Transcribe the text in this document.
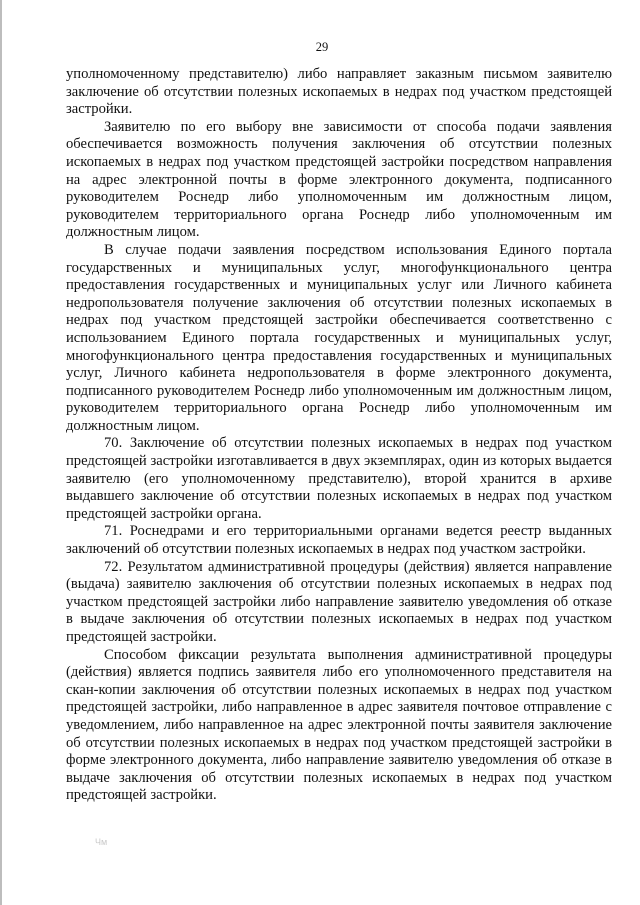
29

уполномоченному представителю) либо направляет заказным письмом заявителю заключение об отсутствии полезных ископаемых в недрах под участком предстоящей застройки.

Заявителю по его выбору вне зависимости от способа подачи заявления обеспечивается возможность получения заключения об отсутствии полезных ископаемых в недрах под участком предстоящей застройки посредством направления на адрес электронной почты в форме электронного документа, подписанного руководителем Роснедр либо уполномоченным им должностным лицом, руководителем территориального органа Роснедр либо уполномоченным им должностным лицом.

В случае подачи заявления посредством использования Единого портала государственных и муниципальных услуг, многофункционального центра предоставления государственных и муниципальных услуг или Личного кабинета недропользователя получение заключения об отсутствии полезных ископаемых в недрах под участком предстоящей застройки обеспечивается соответственно с использованием Единого портала государственных и муниципальных услуг, многофункционального центра предоставления государственных и муниципальных услуг, Личного кабинета недропользователя в форме электронного документа, подписанного руководителем Роснедр либо уполномоченным им должностным лицом, руководителем территориального органа Роснедр либо уполномоченным им должностным лицом.

70. Заключение об отсутствии полезных ископаемых в недрах под участком предстоящей застройки изготавливается в двух экземплярах, один из которых выдается заявителю (его уполномоченному представителю), второй хранится в архиве выдавшего заключение об отсутствии полезных ископаемых в недрах под участком предстоящей застройки органа.

71. Роснедрами и его территориальными органами ведется реестр выданных заключений об отсутствии полезных ископаемых в недрах под участком застройки.

72. Результатом административной процедуры (действия) является направление (выдача) заявителю заключения об отсутствии полезных ископаемых в недрах под участком предстоящей застройки либо направление заявителю уведомления об отказе в выдаче заключения об отсутствии полезных ископаемых в недрах под участком предстоящей застройки.

Способом фиксации результата выполнения административной процедуры (действия) является подпись заявителя либо его уполномоченного представителя на скан-копии заключения об отсутствии полезных ископаемых в недрах под участком предстоящей застройки, либо направленное в адрес заявителя почтовое отправление с уведомлением, либо направленное на адрес электронной почты заявителя заключение об отсутствии полезных ископаемых в недрах под участком предстоящей застройки в форме электронного документа, либо направление заявителю уведомления об отказе в выдаче заключения об отсутствии полезных ископаемых в недрах под участком предстоящей застройки.

Чм
